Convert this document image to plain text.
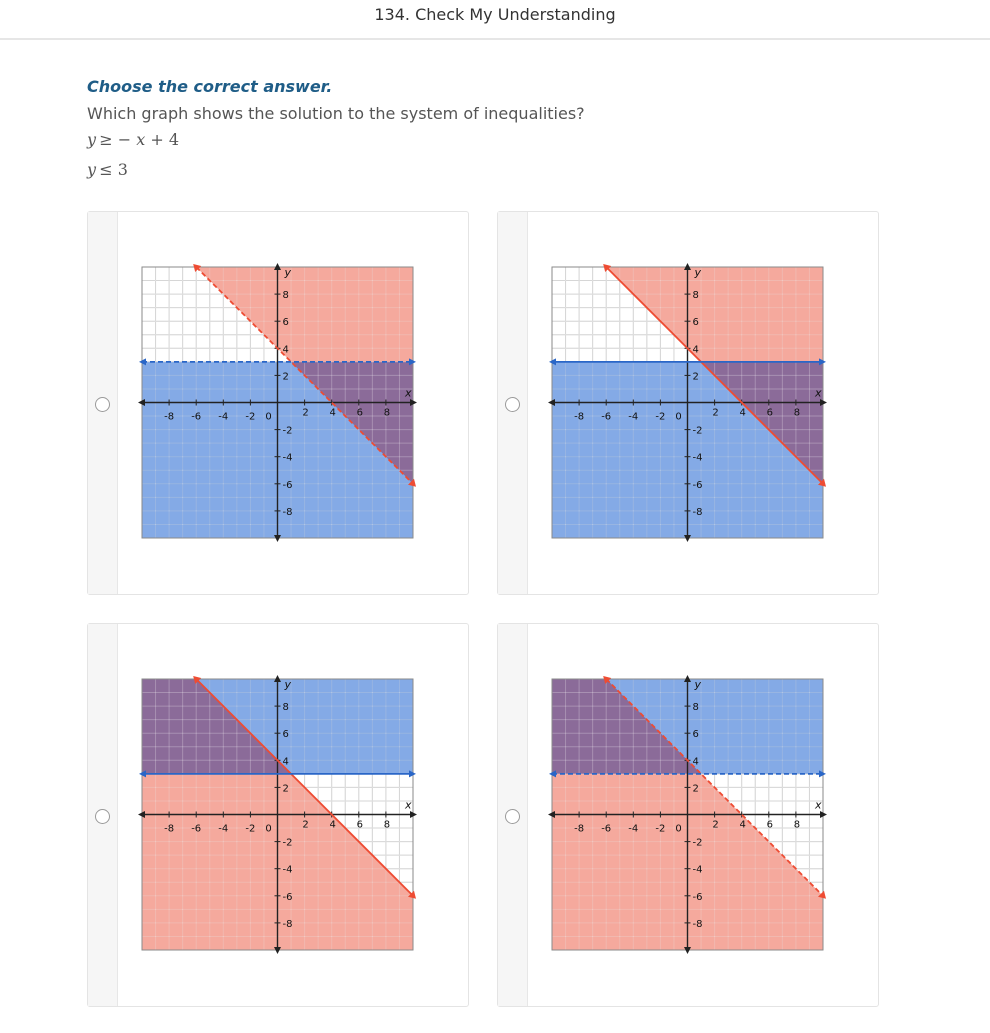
134. Check My Understanding
Choose the correct answer.
Which graph shows the solution to the system of inequalities?
y  ≥ − x + 4
y  ≤ 3
-8 -6 -4 -2 0	2 4 6 8
8
6
4
2
-2
-4
-6
-8
x
y
-8 -6 -4 -2 0	2 4 6 8
8
6
4
2
-2
-4
-6
-8
x
y
-8 -6 -4 -2 0	2 4 6 8
8
6
4
2
-2
-4
-6
-8
x
y
-8 -6 -4 -2 0	2 4 6 8
8
6
4
2
-2
-4
-6
-8
x
y
